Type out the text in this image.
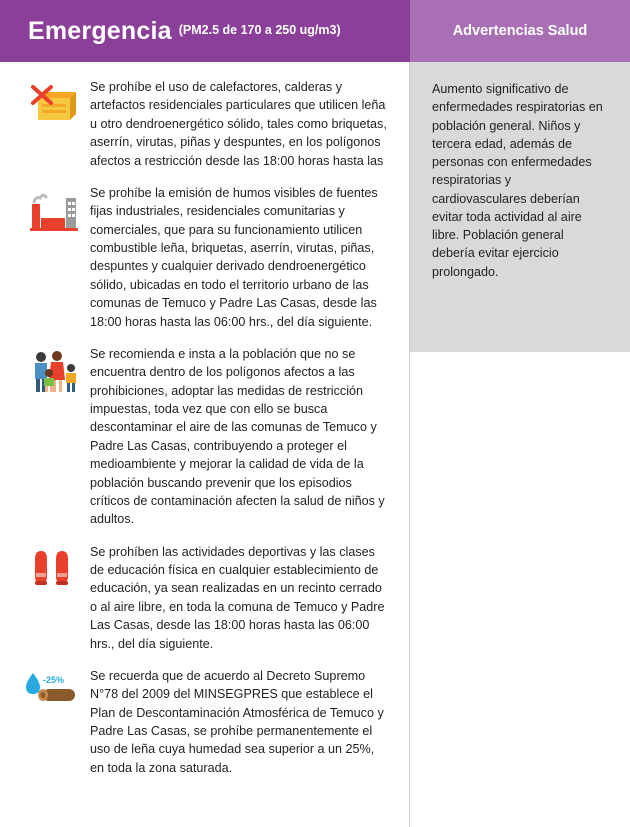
Emergencia (PM2.5 de 170 a 250 ug/m3)	Advertencias Salud
Se prohíbe el uso de calefactores, calderas y artefactos residenciales particulares que utilicen leña u otro dendroenergético sólido, tales como briquetas, aserrín, virutas, piñas y despuntes, en los polígonos afectos a restricción desde las 18:00 horas hasta las
Se prohíbe la emisión de humos visibles de fuentes fijas industriales, residenciales comunitarias y comerciales, que para su funcionamiento utilicen combustible leña, briquetas, aserrín, virutas, piñas, despuntes y cualquier derivado dendroenergético sólido, ubicadas en todo el territorio urbano de las comunas de Temuco y Padre Las Casas, desde las 18:00 horas hasta las 06:00 hrs., del día siguiente.
Se recomienda e insta a la población que no se encuentra dentro de los polígonos afectos a las prohibiciones, adoptar las medidas de restricción impuestas, toda vez que con ello se busca descontaminar el aire de las comunas de Temuco y Padre Las Casas, contribuyendo a proteger el medioambiente y mejorar la calidad de vida de la población buscando prevenir que los episodios críticos de contaminación afecten la salud de niños y adultos.
Se prohíben las actividades deportivas y las clases de educación física en cualquier establecimiento de educación, ya sean realizadas en un recinto cerrado o al aire libre, en toda la comuna de Temuco y Padre Las Casas, desde las 18:00 horas hasta las 06:00 hrs., del día siguiente.
-25% Se recuerda que de acuerdo al Decreto Supremo N°78 del 2009 del MINSEGPRES que establece el Plan de Descontaminación Atmosférica de Temuco y Padre Las Casas, se prohíbe permanentemente el uso de leña cuya humedad sea superior a un 25%, en toda la zona saturada.
Aumento significativo de enfermedades respiratorias en población general. Niños y tercera edad, además de personas con enfermedades respiratorias y cardiovasculares deberían evitar toda actividad al aire libre. Población general debería evitar ejercicio prolongado.
